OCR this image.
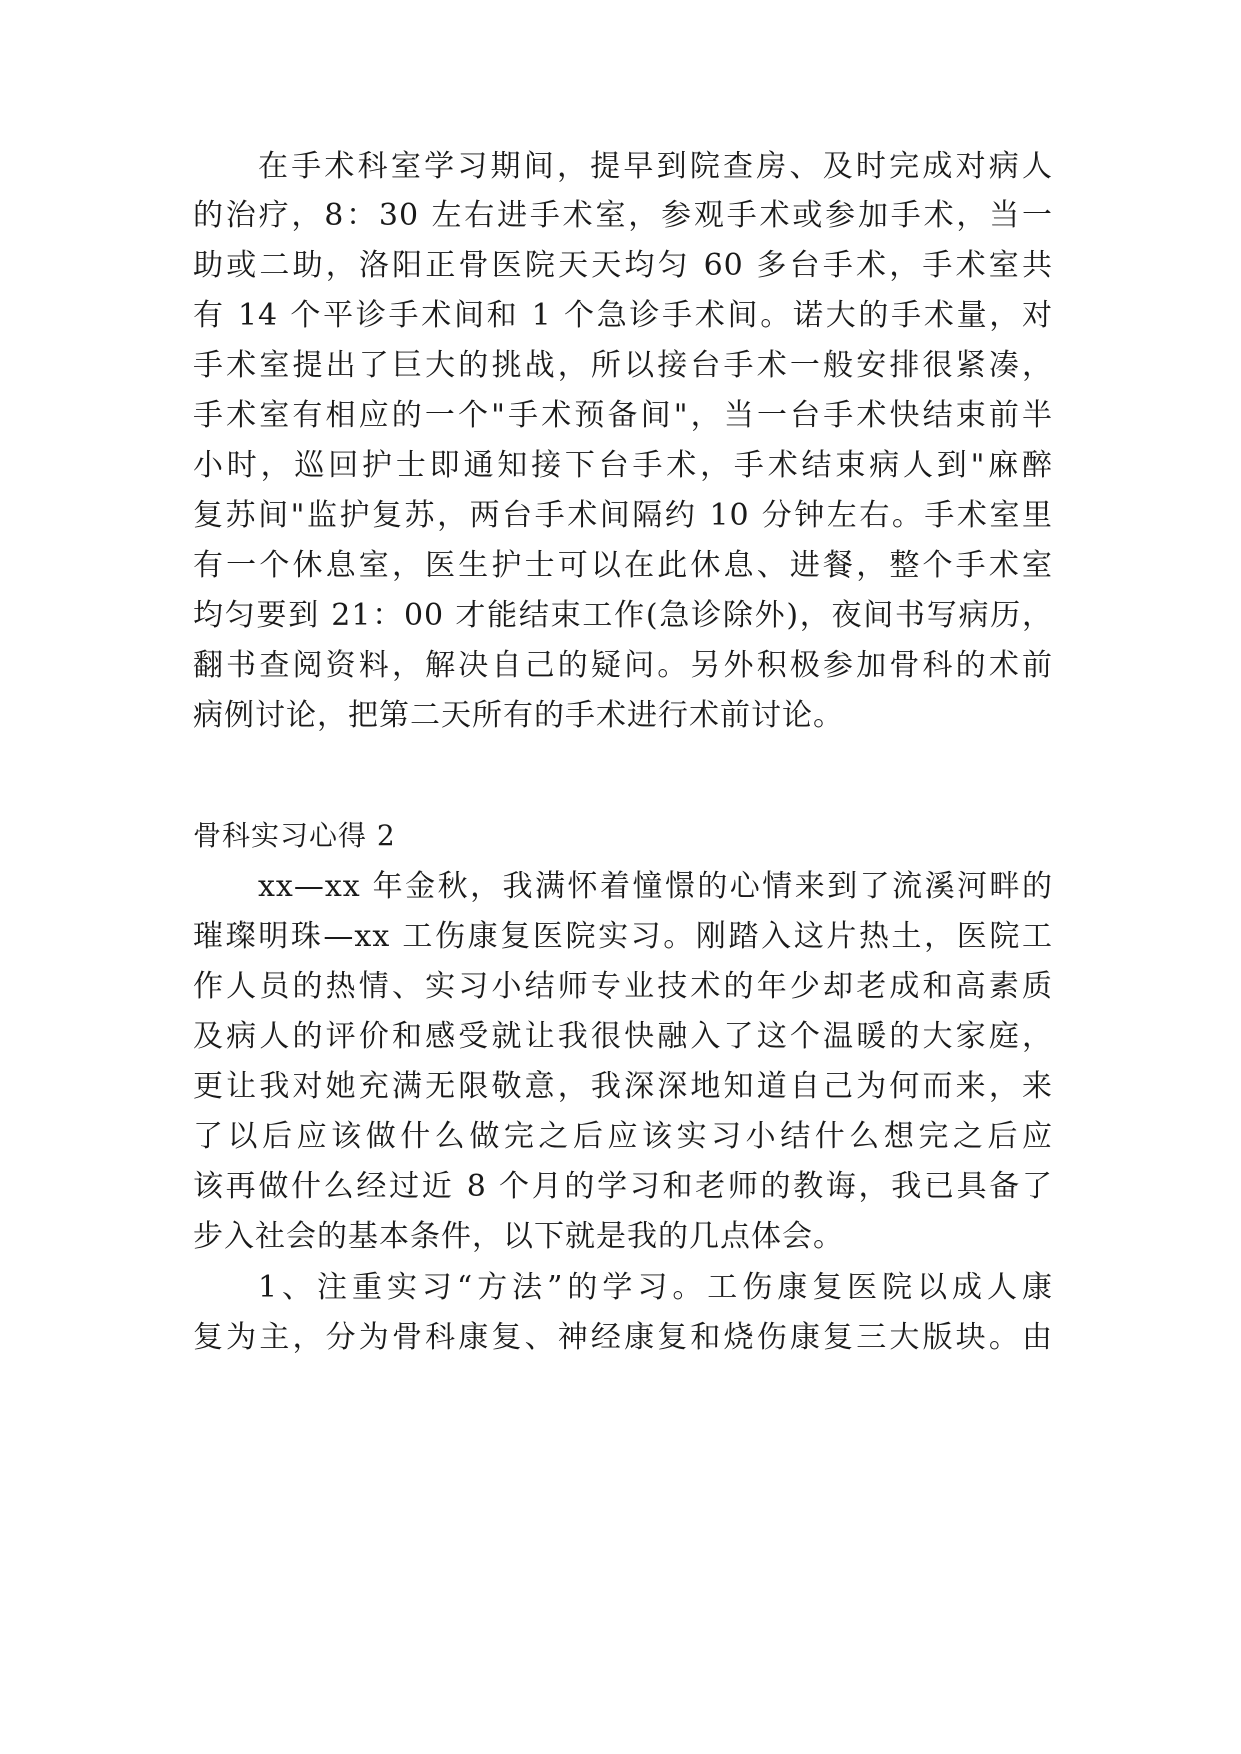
在手术科室学习期间，提早到院查房、及时完成对病人
的治疗，8：30 左右进手术室，参观手术或参加手术，当一
助或二助，洛阳正骨医院天天均匀 60 多台手术，手术室共
有 14 个平诊手术间和 1 个急诊手术间。诺大的手术量，对
手术室提出了巨大的挑战，所以接台手术一般安排很紧凑，
手术室有相应的一个"手术预备间"，当一台手术快结束前半
小时，巡回护士即通知接下台手术，手术结束病人到"麻醉
复苏间"监护复苏，两台手术间隔约 10 分钟左右。手术室里
有一个休息室，医生护士可以在此休息、进餐，整个手术室
均匀要到 21：00 才能结束工作(急诊除外)，夜间书写病历，
翻书查阅资料，解决自己的疑问。另外积极参加骨科的术前
病例讨论，把第二天所有的手术进行术前讨论。
骨科实习心得 2
xx—xx 年金秋，我满怀着憧憬的心情来到了流溪河畔的
璀璨明珠—xx 工伤康复医院实习。刚踏入这片热土，医院工
作人员的热情、实习小结师专业技术的年少却老成和高素质
及病人的评价和感受就让我很快融入了这个温暖的大家庭，
更让我对她充满无限敬意，我深深地知道自己为何而来，来
了以后应该做什么做完之后应该实习小结什么想完之后应
该再做什么经过近 8 个月的学习和老师的教诲，我已具备了
步入社会的基本条件，以下就是我的几点体会。
1、注重实习“方法”的学习。工伤康复医院以成人康
复为主，分为骨科康复、神经康复和烧伤康复三大版块。由
